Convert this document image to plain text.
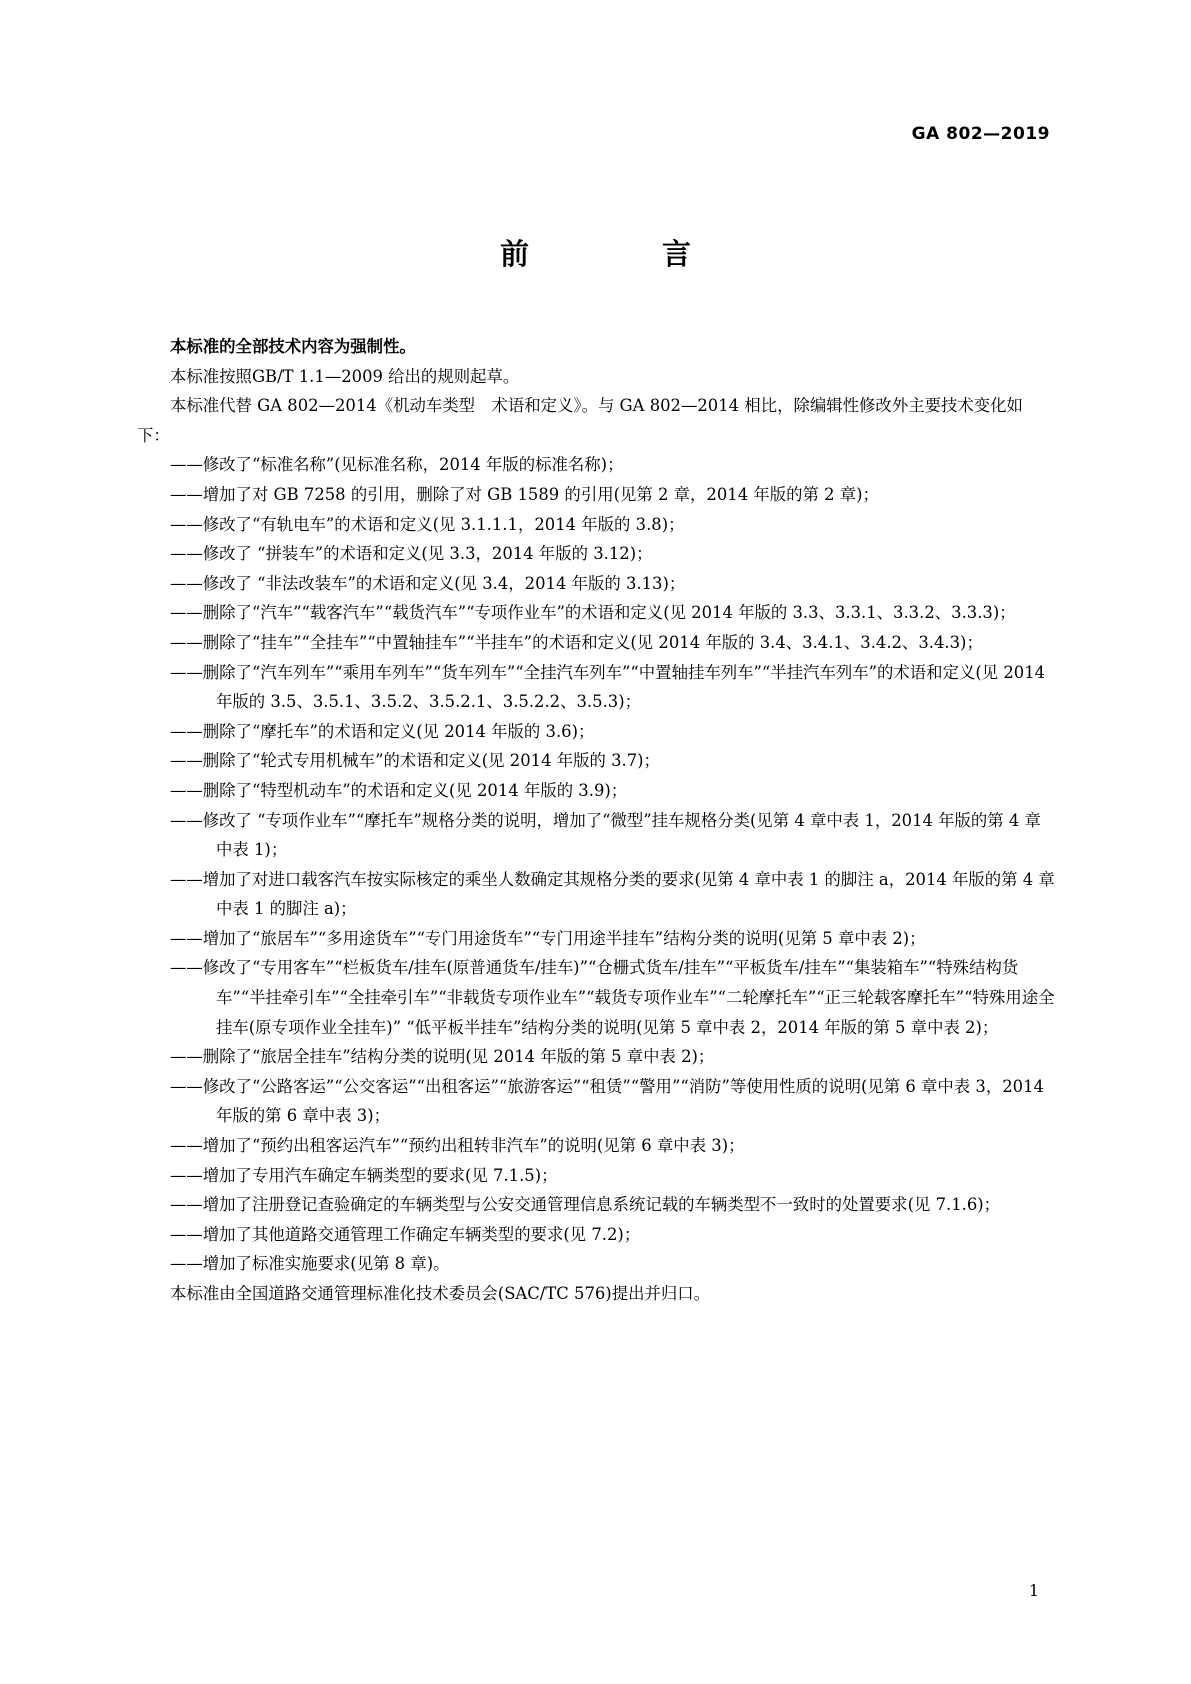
GA 802—2019
前　言

本标准的全部技术内容为强制性。

本标准按照GB/T 1.1—2009 给出的规则起草。

本标准代替 GA 802—2014《机动车类型　术语和定义》。与 GA 802—2014 相比，除编辑性修改外主要技术变化如下：

——修改了“标准名称”(见标准名称，2014 年版的标准名称)；

——增加了对 GB 7258 的引用，删除了对 GB 1589 的引用(见第 2 章，2014 年版的第 2 章)；

——修改了“有轨电车”的术语和定义(见 3.1.1.1，2014 年版的 3.8)；

——修改了 “拼装车”的术语和定义(见 3.3，2014 年版的 3.12)；

——修改了 “非法改装车”的术语和定义(见 3.4，2014 年版的 3.13)；

——删除了“汽车”“载客汽车”“载货汽车”“专项作业车”的术语和定义(见 2014 年版的 3.3、3.3.1、3.3.2、3.3.3)；

——删除了“挂车”“全挂车”“中置轴挂车”“半挂车”的术语和定义(见 2014 年版的 3.4、3.4.1、3.4.2、3.4.3)；

——删除了“汽车列车”“乘用车列车”“货车列车”“全挂汽车列车”“中置轴挂车列车”“半挂汽车列车”的术语和定义(见 2014 年版的 3.5、3.5.1、3.5.2、3.5.2.1、3.5.2.2、3.5.3)；

——删除了“摩托车”的术语和定义(见 2014 年版的 3.6)；

——删除了“轮式专用机械车”的术语和定义(见 2014 年版的 3.7)；

——删除了“特型机动车”的术语和定义(见 2014 年版的 3.9)；

——修改了 “专项作业车”“摩托车”规格分类的说明，增加了“微型”挂车规格分类(见第 4 章中表 1，2014 年版的第 4 章中表 1)；

——增加了对进口载客汽车按实际核定的乘坐人数确定其规格分类的要求(见第 4 章中表 1 的脚注 a，2014 年版的第 4 章中表 1 的脚注 a)；

——增加了“旅居车”“多用途货车”“专门用途货车”“专门用途半挂车”结构分类的说明(见第 5 章中表 2)；

——修改了“专用客车”“栏板货车/挂车(原普通货车/挂车)”“仓栅式货车/挂车”“平板货车/挂车”“集装箱车”“特殊结构货车”“半挂牵引车”“全挂牵引车”“非载货专项作业车”“载货专项作业车”“二轮摩托车”“正三轮载客摩托车”“特殊用途全挂车(原专项作业全挂车)” “低平板半挂车”结构分类的说明(见第 5 章中表 2，2014 年版的第 5 章中表 2)；

——删除了“旅居全挂车”结构分类的说明(见 2014 年版的第 5 章中表 2)；

——修改了“公路客运”“公交客运”“出租客运”“旅游客运”“租赁”“警用”“消防”等使用性质的说明(见第 6 章中表 3，2014 年版的第 6 章中表 3)；

——增加了“预约出租客运汽车”“预约出租转非汽车”的说明(见第 6 章中表 3)；

——增加了专用汽车确定车辆类型的要求(见 7.1.5)；

——增加了注册登记查验确定的车辆类型与公安交通管理信息系统记载的车辆类型不一致时的处置要求(见 7.1.6)；

——增加了其他道路交通管理工作确定车辆类型的要求(见 7.2)；

——增加了标准实施要求(见第 8 章)。

本标准由全国道路交通管理标准化技术委员会(SAC/TC 576)提出并归口。

1
